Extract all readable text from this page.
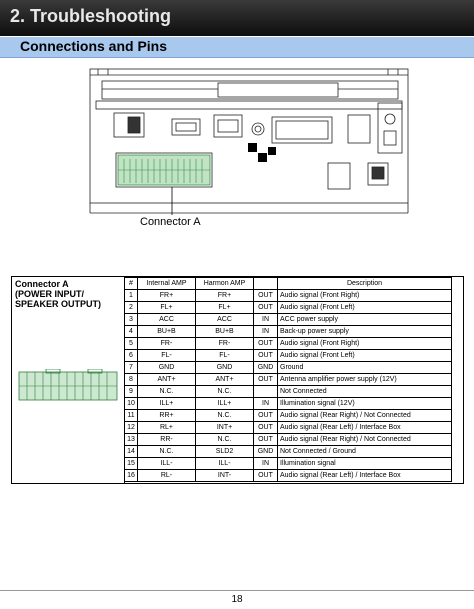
2. Troubleshooting
Connections and Pins
Connector A
Connector A
(POWER INPUT/
SPEAKER OUTPUT)
#	Internal AMP	Harmon AMP		Description
1	FR+	FR+	OUT	Audio signal (Front Right)
2	FL+	FL+	OUT	Audio signal (Front Left)
3	ACC	ACC	IN	ACC power supply
4	BU+B	BU+B	IN	Back-up power supply
5	FR-	FR-	OUT	Audio signal (Front Right)
6	FL-	FL-	OUT	Audio signal (Front Left)
7	GND	GND	GND	Ground
8	ANT+	ANT+	OUT	Antenna amplifier power supply (12V)
9	N.C.	N.C.		Not Connected
10	ILL+	ILL+	IN	Illumination signal (12V)
11	RR+	N.C.	OUT	Audio signal (Rear Right) / Not Connected
12	RL+	INT+	OUT	Audio signal (Rear Left) / Interface Box
13	RR-	N.C.	OUT	Audio signal (Rear Right) / Not Connected
14	N.C.	SLD2	GND	Not Connected / Ground
15	ILL-	ILL-	IN	Illumination signal
16	RL-	INT-	OUT	Audio signal (Rear Left) / Interface Box
18
